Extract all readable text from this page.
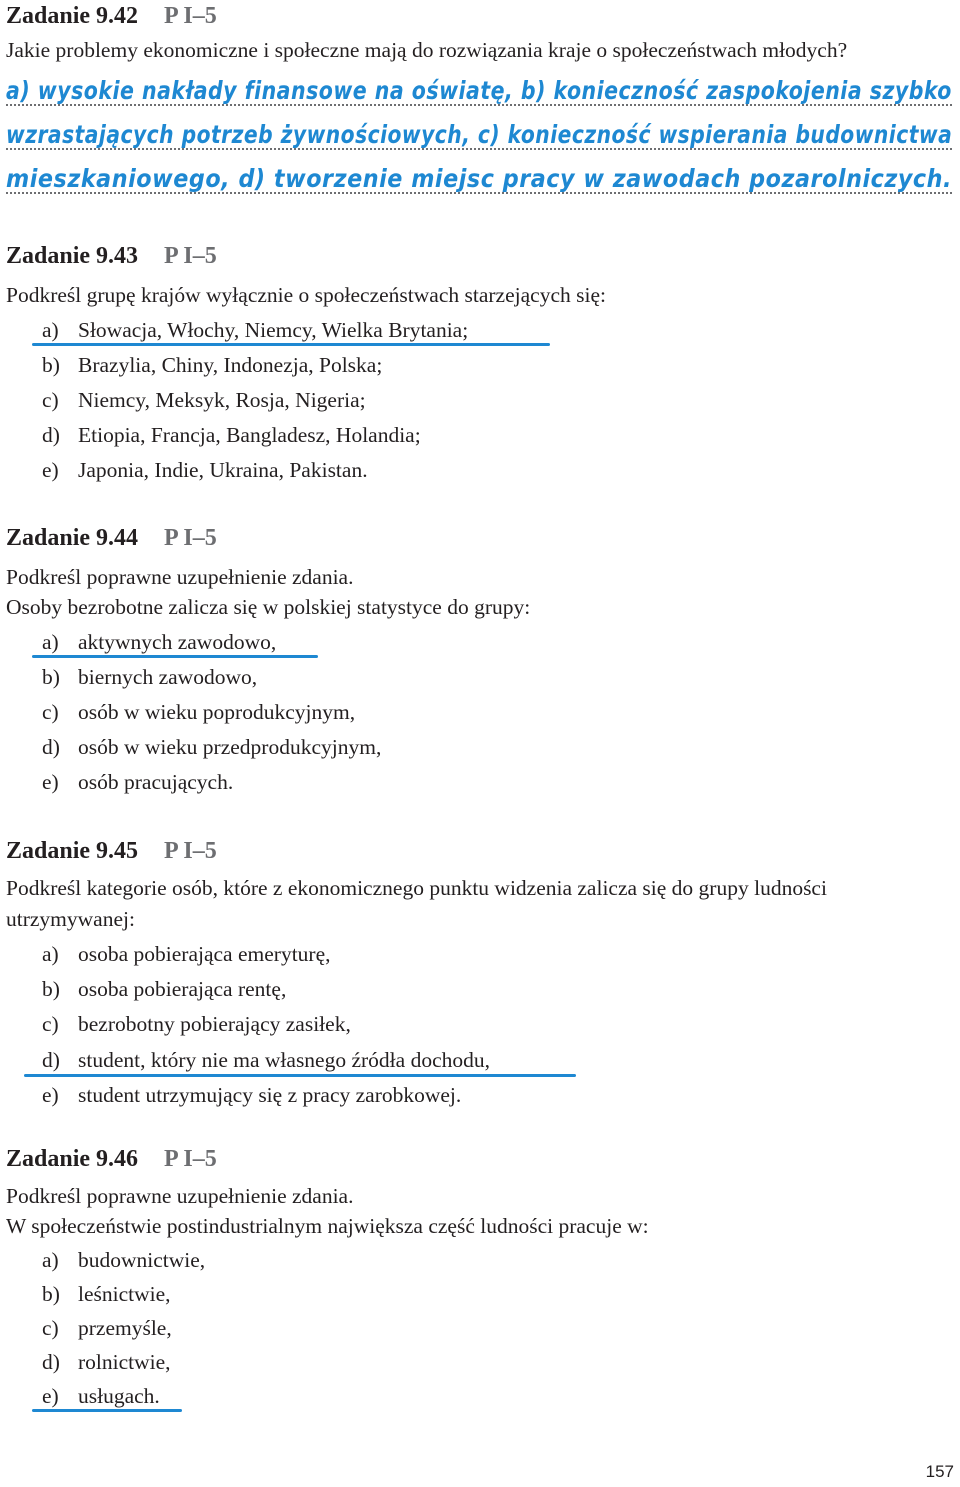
Zadanie 9.42 P I–5

Jakie problemy ekonomiczne i społeczne mają do rozwiązania kraje o społeczeństwach młodych?

a) wysokie nakłady finansowe na oświatę, b) konieczność zaspokojenia szybko
wzrastających potrzeb żywnościowych, c) konieczność wspierania budownictwa
mieszkaniowego, d) tworzenie miejsc pracy w zawodach pozarolniczych.
Zadanie 9.43 P I–5

Podkreśl grupę krajów wyłącznie o społeczeństwach starzejących się:

a) Słowacja, Włochy, Niemcy, Wielka Brytania;
b) Brazylia, Chiny, Indonezja, Polska;
c) Niemcy, Meksyk, Rosja, Nigeria;
d) Etiopia, Francja, Bangladesz, Holandia;
e) Japonia, Indie, Ukraina, Pakistan.
Zadanie 9.44 P I–5

Podkreśl poprawne uzupełnienie zdania.

Osoby bezrobotne zalicza się w polskiej statystyce do grupy:

a) aktywnych zawodowo,
b) biernych zawodowo,
c) osób w wieku poprodukcyjnym,
d) osób w wieku przedprodukcyjnym,
e) osób pracujących.
Zadanie 9.45 P I–5

Podkreśl kategorie osób, które z ekonomicznego punktu widzenia zalicza się do grupy ludności

utrzymywanej:

a) osoba pobierająca emeryturę,
b) osoba pobierająca rentę,
c) bezrobotny pobierający zasiłek,
d) student, który nie ma własnego źródła dochodu,
e) student utrzymujący się z pracy zarobkowej.
Zadanie 9.46 P I–5

Podkreśl poprawne uzupełnienie zdania.

W społeczeństwie postindustrialnym największa część ludności pracuje w:

a) budownictwie,
b) leśnictwie,
c) przemyśle,
d) rolnictwie,
e) usługach.
157
